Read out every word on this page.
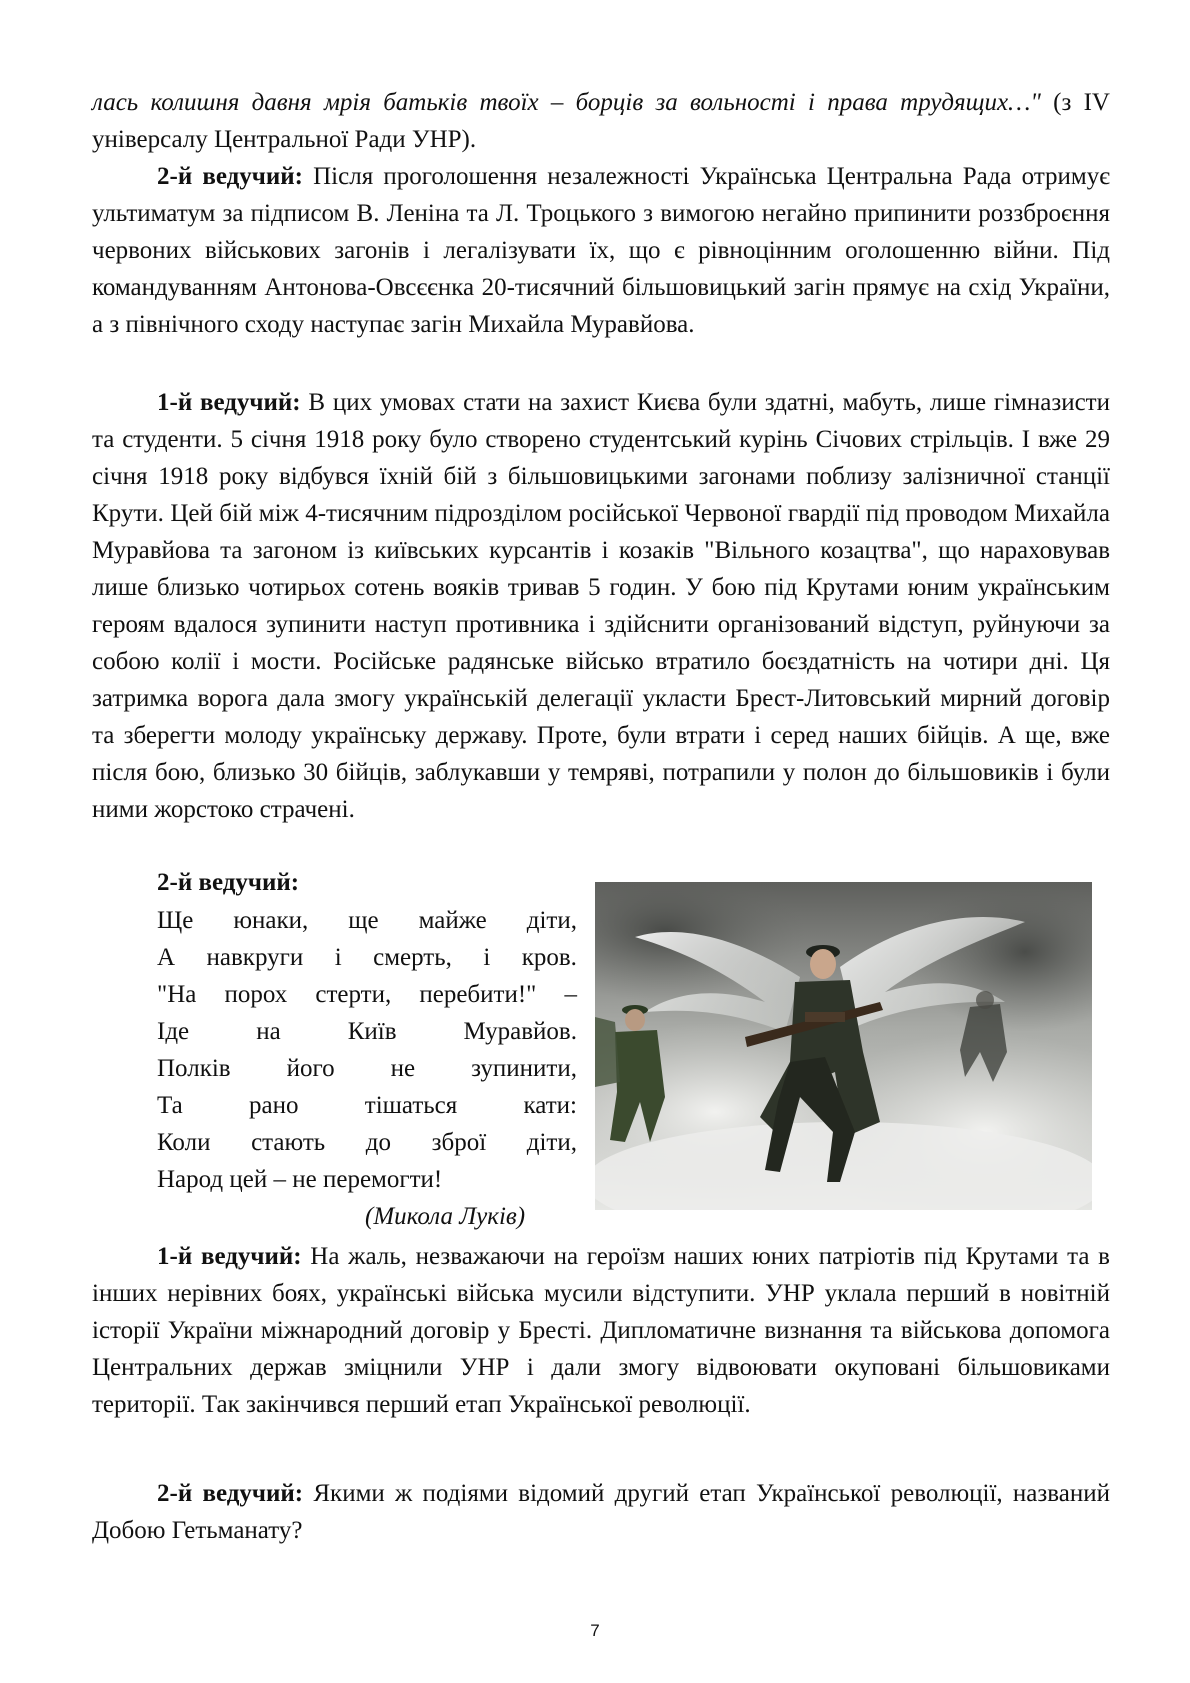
лась колишня давня мрія батьків твоїх – борців за вольності і права трудящих…" (з IV універсалу Центральної Ради УНР).

2-й ведучий: Після проголошення незалежності Українська Центральна Рада отримує ультиматум за підписом В. Леніна та Л. Троцького з вимогою негайно припинити роззброєння червоних військових загонів і легалізувати їх, що є рівноцінним оголошенню війни. Під командуванням Антонова-Овсєєнка 20-тисячний більшовицький загін прямує на схід України, а з північного сходу наступає загін Михайла Муравйова.

1-й ведучий: В цих умовах стати на захист Києва були здатні, мабуть, лише гімназисти та студенти. 5 січня 1918 року було створено студентський курінь Січових стрільців. І вже 29 січня 1918 року відбувся їхній бій з більшовицькими загонами поблизу залізничної станції Крути. Цей бій між 4-тисячним підрозділом російської Червоної гвардії під проводом Михайла Муравйова та загоном із київських курсантів і козаків "Вільного козацтва", що нараховував лише близько чотирьох сотень вояків тривав 5 годин. У бою під Крутами юним українським героям вдалося зупинити наступ противника і здійснити організований відступ, руйнуючи за собою колії і мости. Російське радянське військо втратило боєздатність на чотири дні. Ця затримка ворога дала змогу українській делегації укласти Брест-Литовський мирний договір та зберегти молоду українську державу. Проте, були втрати і серед наших бійців. А ще, вже після бою, близько 30 бійців, заблукавши у темряві, потрапили у полон до більшовиків і були ними жорстоко страчені.

2-й ведучий:
Ще юнаки, ще майже діти,
А навкруги і смерть, і кров.
"На порох стерти, перебити!" –
Іде	на	Київ	Муравйов.
Полків його не зупинити,
Та	рано	тішаться	кати:
Коли стають до зброї діти,
Народ цей – не перемогти!
(Микола Луків)

1-й ведучий: На жаль, незважаючи на героїзм наших юних патріотів під Крутами та в інших нерівних боях, українські війська мусили відступити. УНР уклала перший в новітній історії України міжнародний договір у Бресті. Дипломатичне визнання та військова допомога Центральних держав зміцнили УНР і дали змогу відвоювати окуповані більшовиками території. Так закінчився перший етап Української революції.

2-й ведучий: Якими ж подіями відомий другий етап Української революції, названий Добою Гетьманату?

7
